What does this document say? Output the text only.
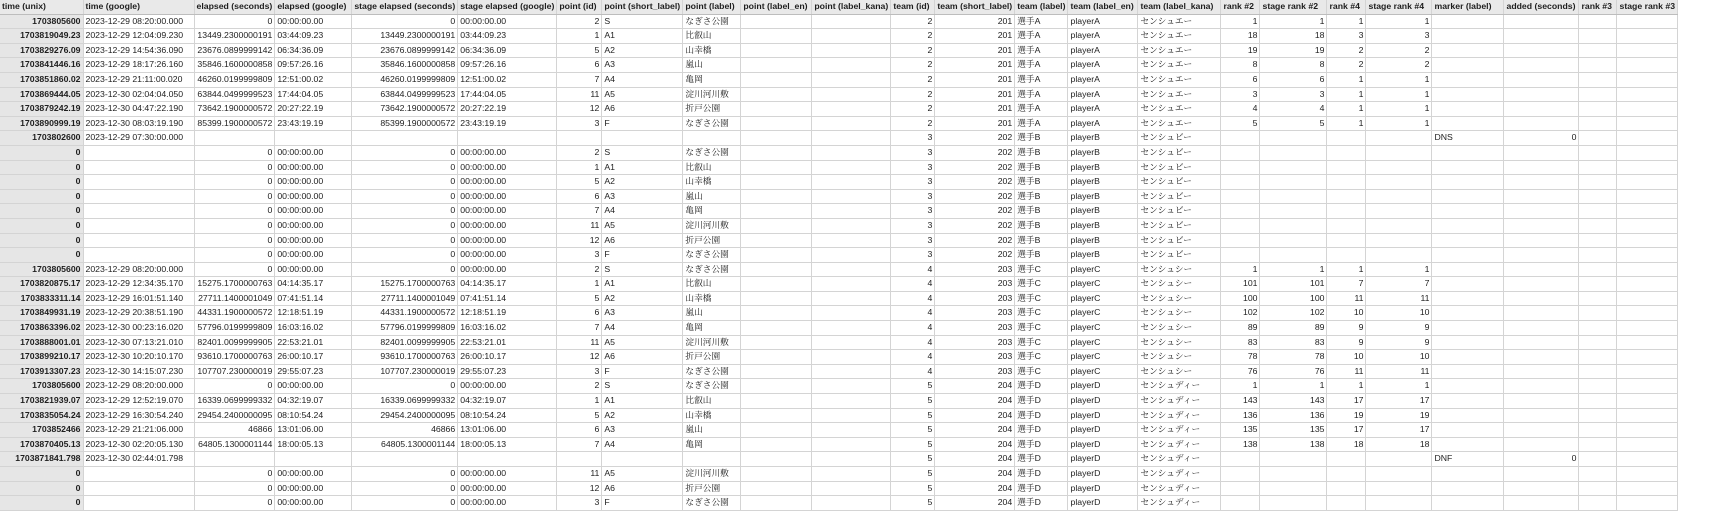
time (unix)	time (google)	elapsed (seconds)	elapsed (google)	stage elapsed (seconds)	stage elapsed (google)	point (id)	point (short_label)	point (label)	point (label_en)	point (label_kana)	team (id)	team (short_label)	team (label)	team (label_en)	team (label_kana)	rank #2	stage rank #2	rank #4	stage rank #4	marker (label)	added (seconds)	rank #3	stage rank #3
1703805600	2023-12-29 08:20:00.000	0	00:00:00.00	0	00:00:00.00	2	S	なぎさ公園			2	201	選手A	playerA	センシュエー	1	1	1	1				
1703819049.23	2023-12-29 12:04:09.230	13449.2300000191	03:44:09.23	13449.2300000191	03:44:09.23	1	A1	比叡山			2	201	選手A	playerA	センシュエー	18	18	3	3				
1703829276.09	2023-12-29 14:54:36.090	23676.0899999142	06:34:36.09	23676.0899999142	06:34:36.09	5	A2	山幸橋			2	201	選手A	playerA	センシュエー	19	19	2	2				
1703841446.16	2023-12-29 18:17:26.160	35846.1600000858	09:57:26.16	35846.1600000858	09:57:26.16	6	A3	嵐山			2	201	選手A	playerA	センシュエー	8	8	2	2				
1703851860.02	2023-12-29 21:11:00.020	46260.0199999809	12:51:00.02	46260.0199999809	12:51:00.02	7	A4	亀岡			2	201	選手A	playerA	センシュエー	6	6	1	1				
1703869444.05	2023-12-30 02:04:04.050	63844.0499999523	17:44:04.05	63844.0499999523	17:44:04.05	11	A5	淀川河川敷			2	201	選手A	playerA	センシュエー	3	3	1	1				
1703879242.19	2023-12-30 04:47:22.190	73642.1900000572	20:27:22.19	73642.1900000572	20:27:22.19	12	A6	折戸公園			2	201	選手A	playerA	センシュエー	4	4	1	1				
1703890999.19	2023-12-30 08:03:19.190	85399.1900000572	23:43:19.19	85399.1900000572	23:43:19.19	3	F	なぎさ公園			2	201	選手A	playerA	センシュエー	5	5	1	1				
1703802600	2023-12-29 07:30:00.000										3	202	選手B	playerB	センシュビー					DNS	0		
0		0	00:00:00.00	0	00:00:00.00	2	S	なぎさ公園			3	202	選手B	playerB	センシュビー								
0		0	00:00:00.00	0	00:00:00.00	1	A1	比叡山			3	202	選手B	playerB	センシュビー								
0		0	00:00:00.00	0	00:00:00.00	5	A2	山幸橋			3	202	選手B	playerB	センシュビー								
0		0	00:00:00.00	0	00:00:00.00	6	A3	嵐山			3	202	選手B	playerB	センシュビー								
0		0	00:00:00.00	0	00:00:00.00	7	A4	亀岡			3	202	選手B	playerB	センシュビー								
0		0	00:00:00.00	0	00:00:00.00	11	A5	淀川河川敷			3	202	選手B	playerB	センシュビー								
0		0	00:00:00.00	0	00:00:00.00	12	A6	折戸公園			3	202	選手B	playerB	センシュビー								
0		0	00:00:00.00	0	00:00:00.00	3	F	なぎさ公園			3	202	選手B	playerB	センシュビー								
1703805600	2023-12-29 08:20:00.000	0	00:00:00.00	0	00:00:00.00	2	S	なぎさ公園			4	203	選手C	playerC	センシュシー	1	1	1	1				
1703820875.17	2023-12-29 12:34:35.170	15275.1700000763	04:14:35.17	15275.1700000763	04:14:35.17	1	A1	比叡山			4	203	選手C	playerC	センシュシー	101	101	7	7				
1703833311.14	2023-12-29 16:01:51.140	27711.1400001049	07:41:51.14	27711.1400001049	07:41:51.14	5	A2	山幸橋			4	203	選手C	playerC	センシュシー	100	100	11	11				
1703849931.19	2023-12-29 20:38:51.190	44331.1900000572	12:18:51.19	44331.1900000572	12:18:51.19	6	A3	嵐山			4	203	選手C	playerC	センシュシー	102	102	10	10				
1703863396.02	2023-12-30 00:23:16.020	57796.0199999809	16:03:16.02	57796.0199999809	16:03:16.02	7	A4	亀岡			4	203	選手C	playerC	センシュシー	89	89	9	9				
1703888001.01	2023-12-30 07:13:21.010	82401.0099999905	22:53:21.01	82401.0099999905	22:53:21.01	11	A5	淀川河川敷			4	203	選手C	playerC	センシュシー	83	83	9	9				
1703899210.17	2023-12-30 10:20:10.170	93610.1700000763	26:00:10.17	93610.1700000763	26:00:10.17	12	A6	折戸公園			4	203	選手C	playerC	センシュシー	78	78	10	10				
1703913307.23	2023-12-30 14:15:07.230	107707.230000019	29:55:07.23	107707.230000019	29:55:07.23	3	F	なぎさ公園			4	203	選手C	playerC	センシュシー	76	76	11	11				
1703805600	2023-12-29 08:20:00.000	0	00:00:00.00	0	00:00:00.00	2	S	なぎさ公園			5	204	選手D	playerD	センシュディー	1	1	1	1				
1703821939.07	2023-12-29 12:52:19.070	16339.0699999332	04:32:19.07	16339.0699999332	04:32:19.07	1	A1	比叡山			5	204	選手D	playerD	センシュディー	143	143	17	17				
1703835054.24	2023-12-29 16:30:54.240	29454.2400000095	08:10:54.24	29454.2400000095	08:10:54.24	5	A2	山幸橋			5	204	選手D	playerD	センシュディー	136	136	19	19				
1703852466	2023-12-29 21:21:06.000	46866	13:01:06.00	46866	13:01:06.00	6	A3	嵐山			5	204	選手D	playerD	センシュディー	135	135	17	17				
1703870405.13	2023-12-30 02:20:05.130	64805.1300001144	18:00:05.13	64805.1300001144	18:00:05.13	7	A4	亀岡			5	204	選手D	playerD	センシュディー	138	138	18	18				
1703871841.798	2023-12-30 02:44:01.798										5	204	選手D	playerD	センシュディー					DNF	0		
0		0	00:00:00.00	0	00:00:00.00	11	A5	淀川河川敷			5	204	選手D	playerD	センシュディー								
0		0	00:00:00.00	0	00:00:00.00	12	A6	折戸公園			5	204	選手D	playerD	センシュディー								
0		0	00:00:00.00	0	00:00:00.00	3	F	なぎさ公園			5	204	選手D	playerD	センシュディー								
